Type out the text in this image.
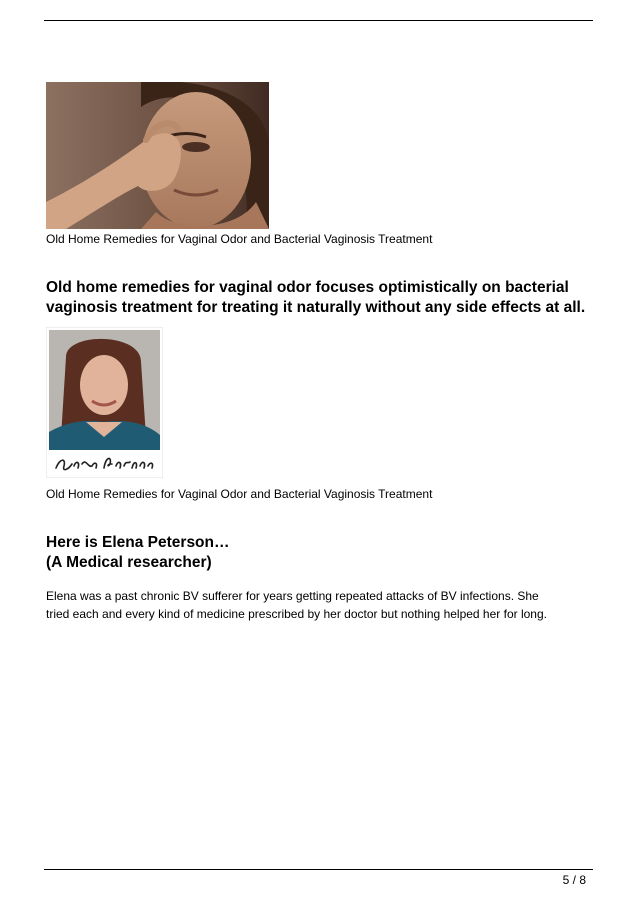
Old Home Remedies for Vaginal Odor and Bacterial Vaginosis Treatment
Old home remedies for vaginal odor focuses optimistically on bacterial vaginosis treatment for treating it naturally without any side effects at all.
Old Home Remedies for Vaginal Odor and Bacterial Vaginosis Treatment
Here is Elena Peterson…
(A Medical researcher)
Elena was a past chronic BV sufferer for years getting repeated attacks of BV infections. She
tried each and every kind of medicine prescribed by her doctor but nothing helped her for long.
5 / 8
